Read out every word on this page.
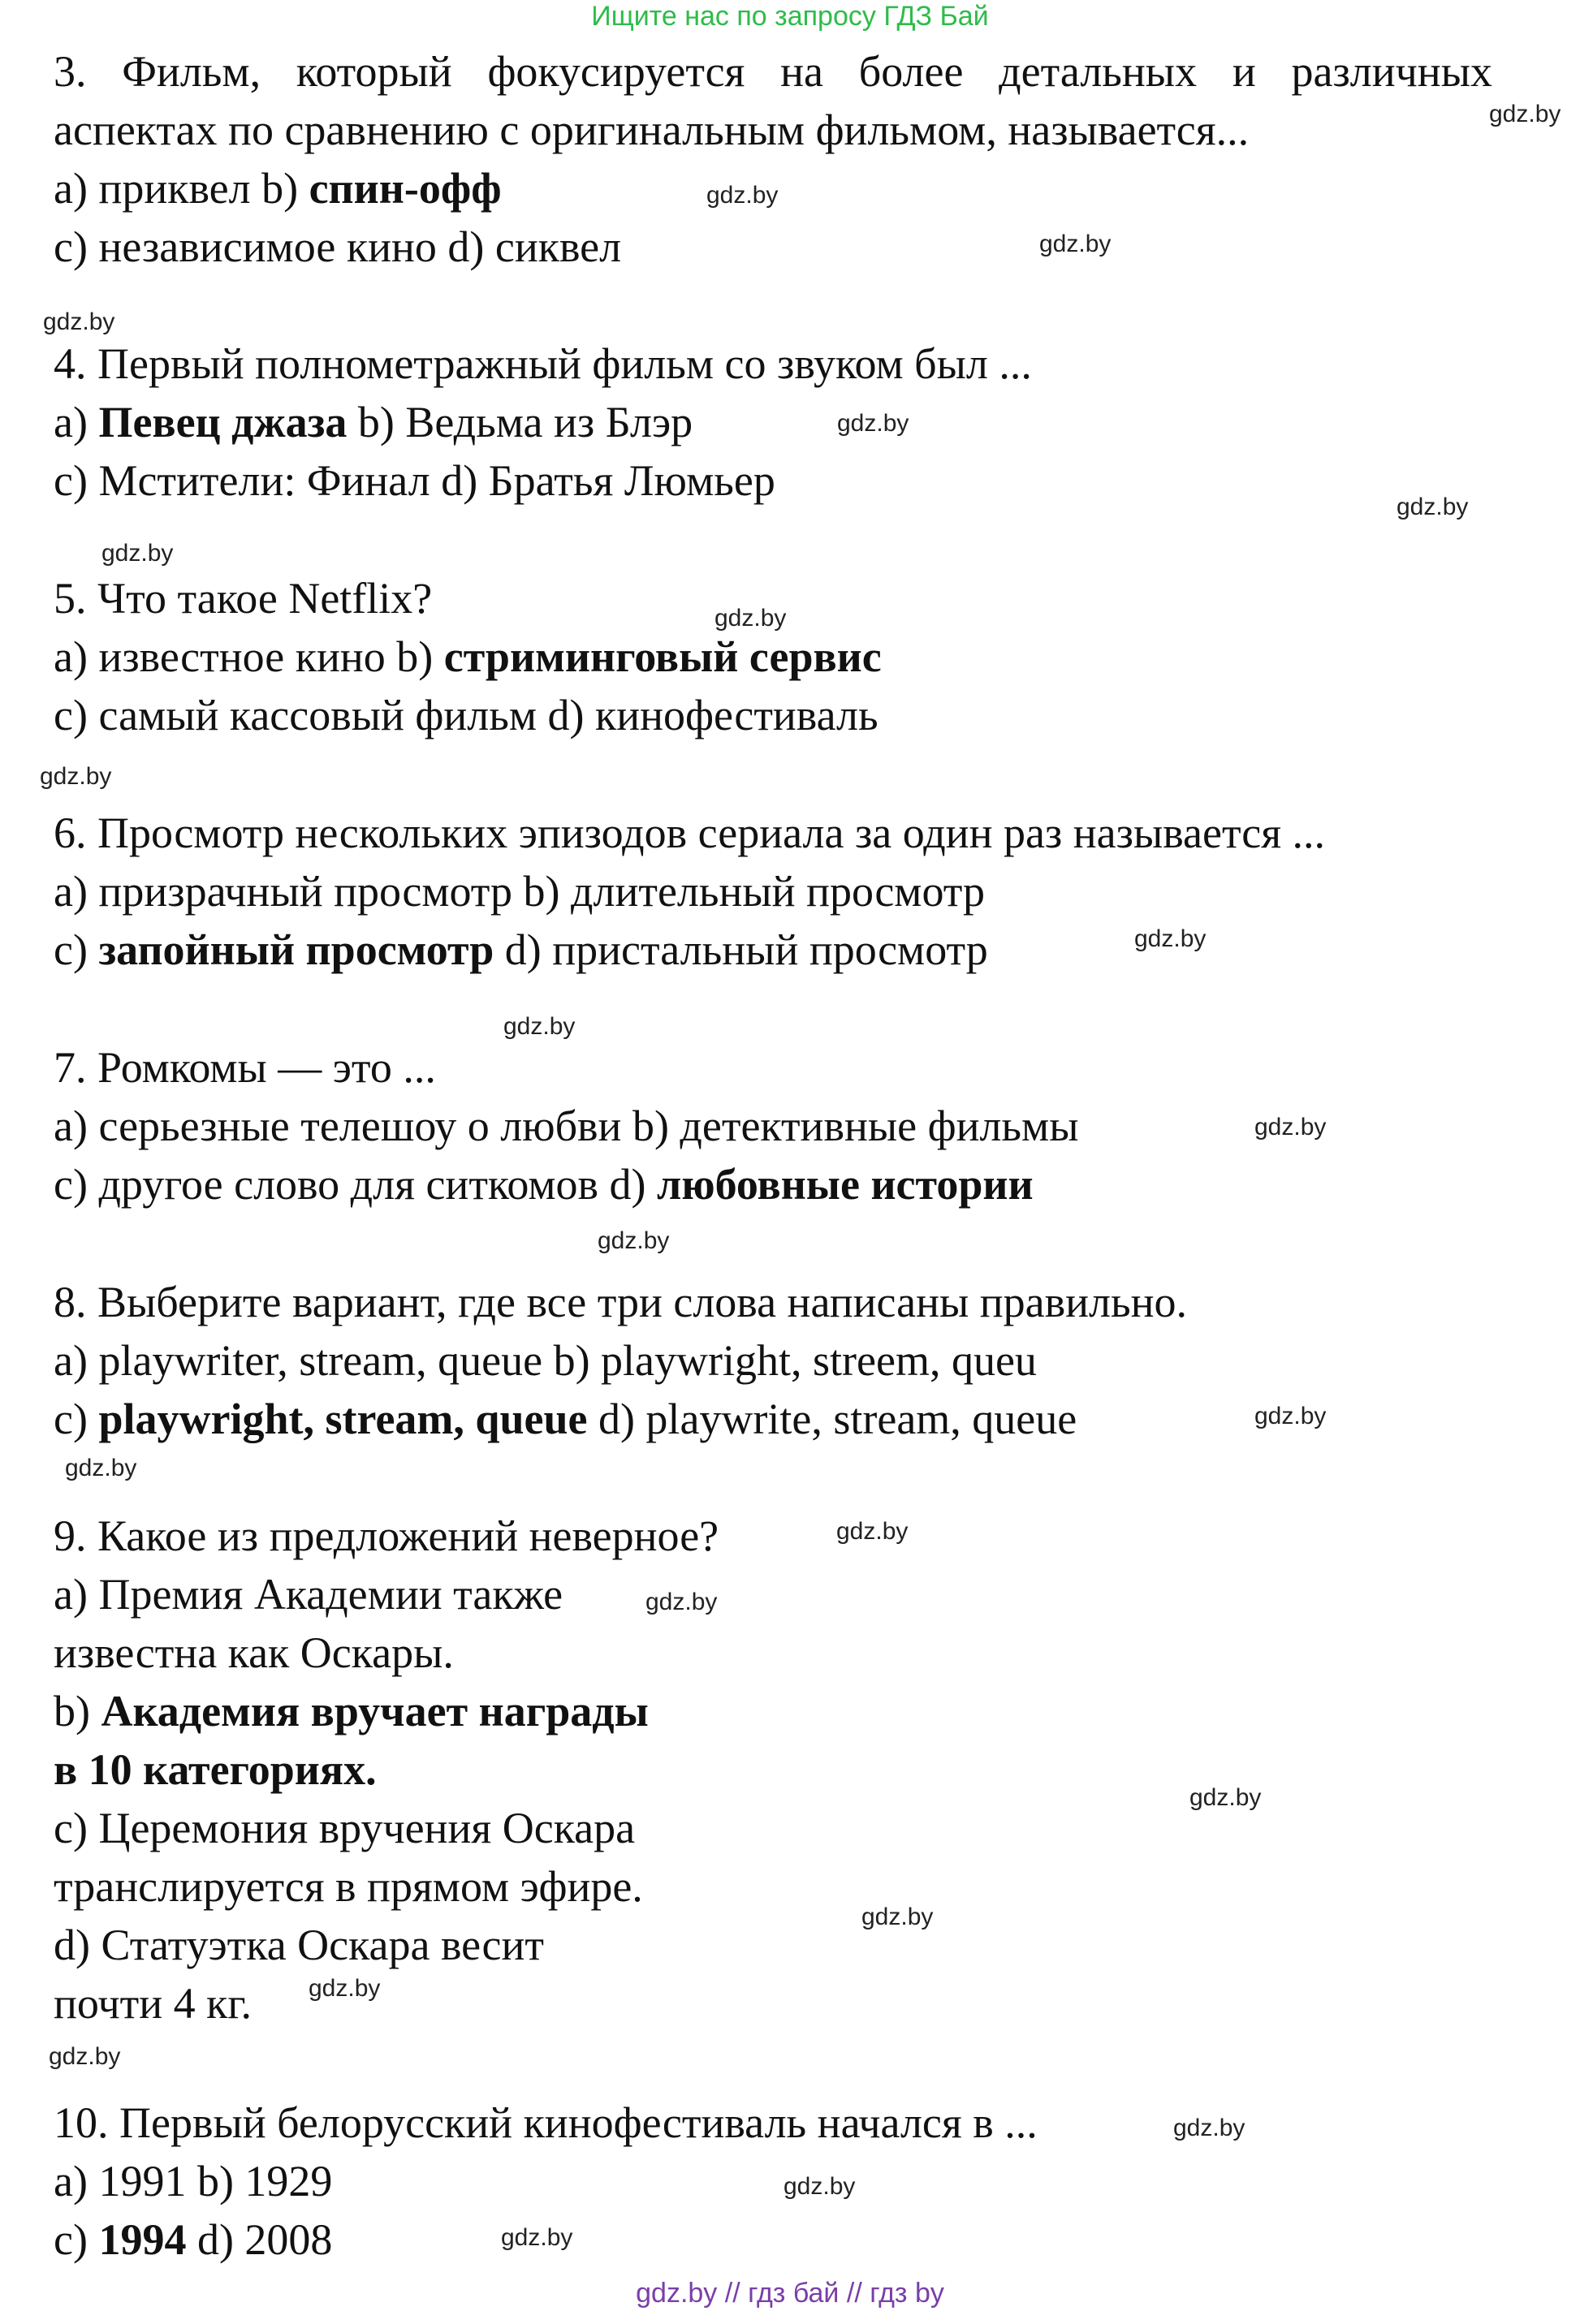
Ищите нас по запросу ГДЗ Бай
3. Фильм, который фокусируется на более детальных и различных
аспектах по сравнению с оригинальным фильмом, называется...
a) приквел b) спин-офф
c) независимое кино d) сиквел
4. Первый полнометражный фильм со звуком был ...
a) Певец джаза b) Ведьма из Блэр
c) Мстители: Финал d) Братья Люмьер
5. Что такое Netflix?
a) известное кино b) стриминговый сервис
c) самый кассовый фильм d) кинофестиваль
6. Просмотр нескольких эпизодов сериала за один раз называется ...
a) призрачный просмотр b) длительный просмотр
c) запойный просмотр d) пристальный просмотр
7. Ромкомы — это ...
a) серьезные телешоу о любви b) детективные фильмы
c) другое слово для ситкомов d) любовные истории
8. Выберите вариант, где все три слова написаны правильно.
a) playwriter, stream, queue b) playwright, streem, queu
c) playwright, stream, queue d) playwrite, stream, queue
9. Какое из предложений неверное?
a) Премия Академии также
известна как Оскары.
b) Академия вручает награды
в 10 категориях.
c) Церемония вручения Оскара
транслируется в прямом эфире.
d) Статуэтка Оскара весит
почти 4 кг.
10. Первый белорусский кинофестиваль начался в ...
a) 1991 b) 1929
c) 1994 d) 2008
gdz.by
gdz.by
gdz.by
gdz.by
gdz.by
gdz.by
gdz.by
gdz.by
gdz.by
gdz.by
gdz.by
gdz.by
gdz.by
gdz.by
gdz.by
gdz.by
gdz.by
gdz.by
gdz.by
gdz.by
gdz.by
gdz.by
gdz.by
gdz.by
gdz.by // гдз бай // гдз by
